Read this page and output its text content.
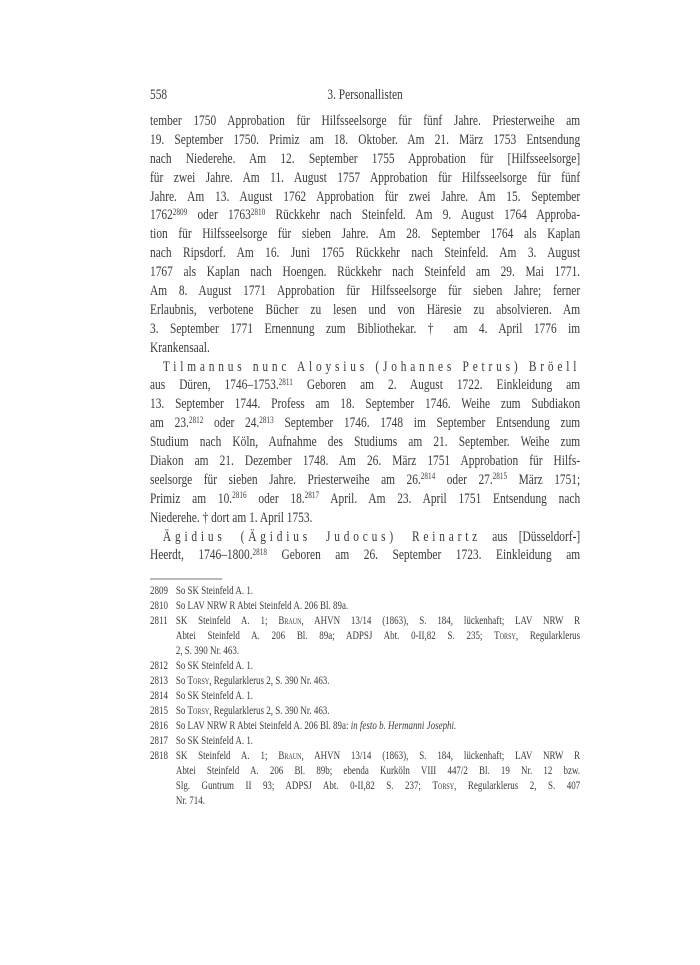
3. Personallisten
558
tember 1750 Approbation für Hilfsseelsorge für fünf Jahre. Priesterweihe am
19. September 1750. Primiz am 18. Oktober. Am 21. März 1753 Entsendung
nach Niederehe. Am 12. September 1755 Approbation für [Hilfsseelsorge]
für zwei Jahre. Am 11. August 1757 Approbation für Hilfsseelsorge für fünf
Jahre. Am 13. August 1762 Approbation für zwei Jahre. Am 15. September
$1762^{2809}$ oder $1763^{2810}$ Rückkehr nach Steinfeld. Am 9. August 1764 Approba-
tion für Hilfsseelsorge für sieben Jahre. Am 28. September 1764 als Kaplan
nach Ripsdorf. Am 16. Juni 1765 Rückkehr nach Steinfeld. Am 3. August
1767 als Kaplan nach Hoengen. Rückkehr nach Steinfeld am 29. Mai 1771.
Am 8. August 1771 Approbation für Hilfsseelsorge für sieben Jahre; ferner
Erlaubnis, verbotene Bücher zu lesen und von Häresie zu absolvieren. Am
3. September 1771 Ernennung zum Bibliothekar. † am 4. April 1776 im
Krankensaal.
Tilmannus nunc Aloysius (Johannes Petrus) Bröell
aus Düren, 1746–1753.$^{2811}$ Geboren am 2. August 1722. Einkleidung am
13. September 1744. Profess am 18. September 1746. Weihe zum Subdiakon
am 23.$^{2812}$ oder 24.$^{2813}$ September 1746. 1748 im September Entsendung zum
Studium nach Köln, Aufnahme des Studiums am 21. September. Weihe zum
Diakon am 21. Dezember 1748. Am 26. März 1751 Approbation für Hilfs-
seelsorge für sieben Jahre. Priesterweihe am 26.$^{2814}$ oder 27.$^{2815}$ März 1751;
Primiz am 10.$^{2816}$ oder 18.$^{2817}$ April. Am 23. April 1751 Entsendung nach
Niederehe. † dort am 1. April 1753.
Ägidius (Ägidius Judocus) Reinartz aus [Düsseldorf-]
Heerdt, 1746–1800.$^{2818}$ Geboren am 26. September 1723. Einkleidung am
2809 So SK Steinfeld A. 1.
2810 So LAV NRW R Abtei Steinfeld A. 206 Bl. 89a.
2811 SK Steinfeld A. 1; Braun, AHVN 13/14 (1863), S. 184, lückenhaft; LAV NRW R
Abtei Steinfeld A. 206 Bl. 89a; ADPSJ Abt. 0-II,82 S. 235; Torsy, Regularklerus
2, S. 390 Nr. 463.
2812 So SK Steinfeld A. 1.
2813 So Torsy, Regularklerus 2, S. 390 Nr. 463.
2814 So SK Steinfeld A. 1.
2815 So Torsy, Regularklerus 2, S. 390 Nr. 463.
2816 So LAV NRW R Abtei Steinfeld A. 206 Bl. 89a: in festo b. Hermanni Josephi.
2817 So SK Steinfeld A. 1.
2818 SK Steinfeld A. 1; Braun, AHVN 13/14 (1863), S. 184, lückenhaft; LAV NRW R
Abtei Steinfeld A. 206 Bl. 89b; ebenda Kurköln VIII 447/2 Bl. 19 Nr. 12 bzw.
Slg. Guntrum II 93; ADPSJ Abt. 0-II,82 S. 237; Torsy, Regularklerus 2, S. 407
Nr. 714.
